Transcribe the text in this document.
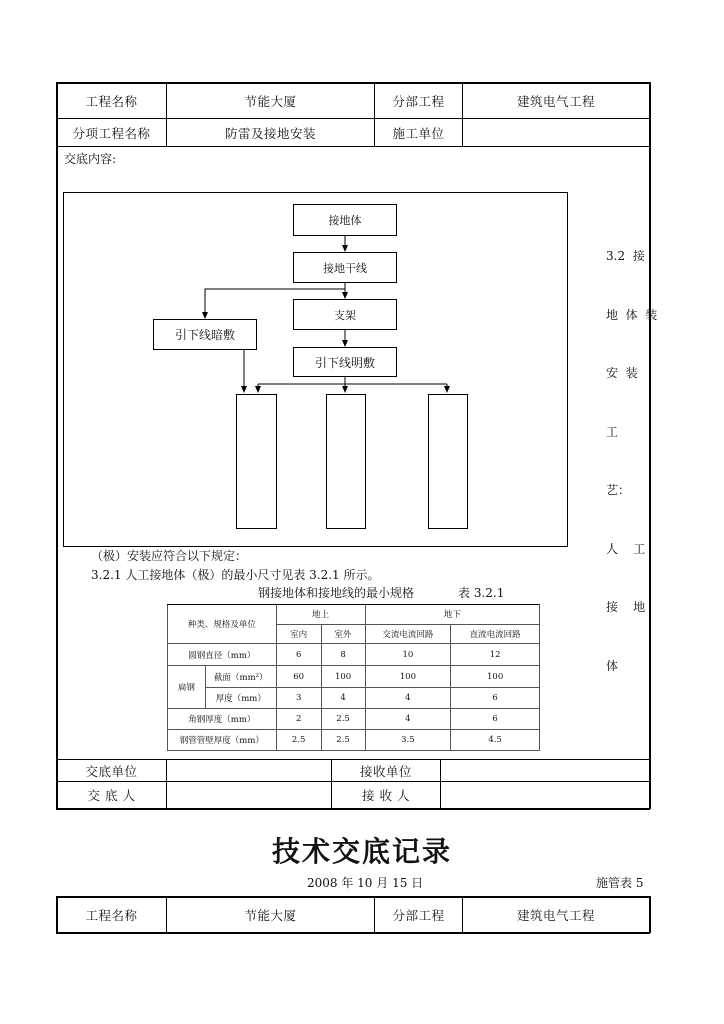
工程名称	节能大厦	分部工程	建筑电气工程
分项工程名称	防雷及接地安装	施工单位
交底内容:
接地体
接地干线
支架
引下线暗敷
引下线明敷

3.2  接

地  体  装

安  装

工

艺：

人    工

接    地

体

（极）安装应符合以下规定：
3.2.1 人工接地体（极）的最小尺寸见表 3.2.1 所示。
钢接地体和接地线的最小规格	表 3.2.1
种类、规格及单位		地上		地下	
		室内	室外	交流电流回路	直流电流回路
圆钢直径（mm）		6	8	10	12
扁钢	截面（mm²）	60	100	100	100
	厚度（mm）	3	4	4	6
角钢厚度（mm）		2	2.5	4	6
钢管管壁厚度（mm）		2.5	2.5	3.5	4.5
交底单位	接收单位
交 底 人	接 收 人
技术交底记录
2008 年 10 月 15 日	施管表 5
工程名称	节能大厦	分部工程	建筑电气工程
